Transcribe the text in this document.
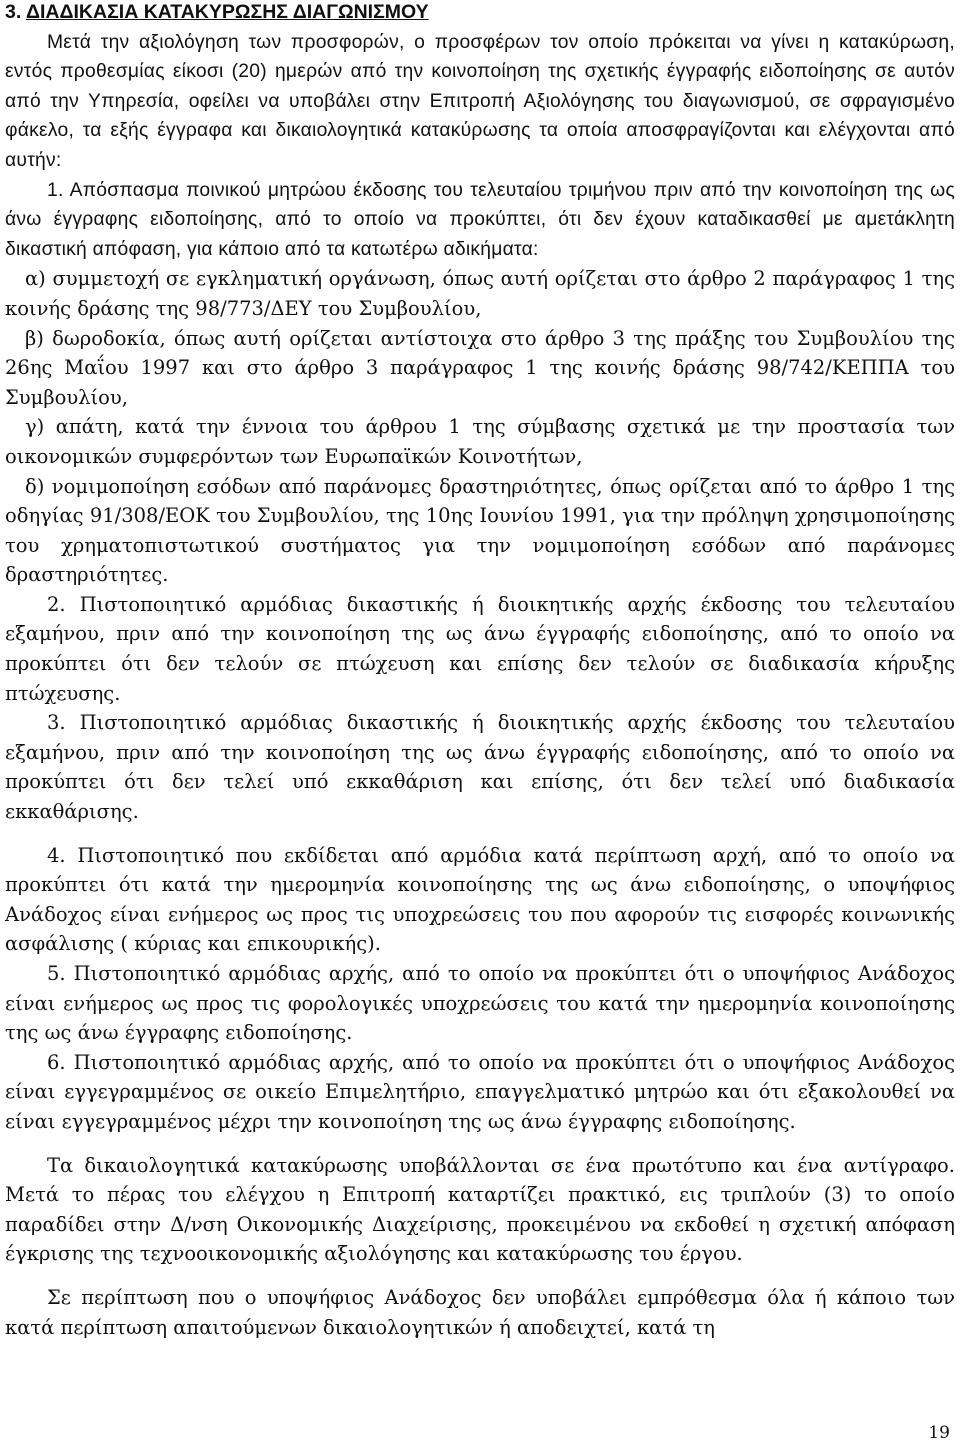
3. ΔΙΑΔΙΚΑΣΙΑ ΚΑΤΑΚΥΡΩΣΗΣ ΔΙΑΓΩΝΙΣΜΟΥ

Μετά την αξιολόγηση των προσφορών, ο προσφέρων τον οποίο πρόκειται να γίνει η κατακύρωση, εντός προθεσμίας είκοσι (20) ημερών από την κοινοποίηση της σχετικής έγγραφής ειδοποίησης σε αυτόν από την Υπηρεσία, οφείλει να υποβάλει στην Επιτροπή Αξιολόγησης του διαγωνισμού, σε σφραγισμένο φάκελο, τα εξής έγγραφα και δικαιολογητικά κατακύρωσης τα οποία αποσφραγίζονται και ελέγχονται από αυτήν:

1. Απόσπασμα ποινικού μητρώου έκδοσης του τελευταίου τριμήνου πριν από την κοινοποίηση της ως άνω έγγραφης ειδοποίησης, από το οποίο να προκύπτει, ότι δεν έχουν καταδικασθεί με αμετάκλητη δικαστική απόφαση, για κάποιο από τα κατωτέρω αδικήματα:

α) συμμετοχή σε εγκληματική οργάνωση, όπως αυτή ορίζεται στο άρθρο 2 παράγραφος 1 της κοινής δράσης της 98/773/ΔΕΥ του Συμβουλίου,

β) δωροδοκία, όπως αυτή ορίζεται αντίστοιχα στο άρθρο 3 της πράξης του Συμβουλίου της 26ης Μαΐου 1997 και στο άρθρο 3 παράγραφος 1 της κοινής δράσης 98/742/ΚΕΠΠΑ του Συμβουλίου,

γ) απάτη, κατά την έννοια του άρθρου 1 της σύμβασης σχετικά με την προστασία των οικονομικών συμφερόντων των Ευρωπαϊκών Κοινοτήτων,

δ) νομιμοποίηση εσόδων από παράνομες δραστηριότητες, όπως ορίζεται από το άρθρο 1 της οδηγίας 91/308/ΕΟΚ του Συμβουλίου, της 10ης Ιουνίου 1991, για την πρόληψη χρησιμοποίησης του χρηματοπιστωτικού συστήματος για την νομιμοποίηση εσόδων από παράνομες δραστηριότητες.

2. Πιστοποιητικό αρμόδιας δικαστικής ή διοικητικής αρχής έκδοσης του τελευταίου εξαμήνου, πριν από την κοινοποίηση της ως άνω έγγραφής ειδοποίησης, από το οποίο να προκύπτει ότι δεν τελούν σε πτώχευση και επίσης δεν τελούν σε διαδικασία κήρυξης πτώχευσης.

3. Πιστοποιητικό αρμόδιας δικαστικής ή διοικητικής αρχής έκδοσης του τελευταίου εξαμήνου, πριν από την κοινοποίηση της ως άνω έγγραφής ειδοποίησης, από το οποίο να προκύπτει ότι δεν τελεί υπό εκκαθάριση και επίσης, ότι δεν τελεί υπό διαδικασία εκκαθάρισης.

4. Πιστοποιητικό που εκδίδεται από αρμόδια κατά περίπτωση αρχή, από το οποίο να προκύπτει ότι κατά την ημερομηνία κοινοποίησης της ως άνω ειδοποίησης, ο υποψήφιος Ανάδοχος είναι ενήμερος ως προς τις υποχρεώσεις του που αφορούν τις εισφορές κοινωνικής ασφάλισης ( κύριας και επικουρικής).

5. Πιστοποιητικό αρμόδιας αρχής, από το οποίο να προκύπτει ότι ο υποψήφιος Ανάδοχος είναι ενήμερος ως προς τις φορολογικές υποχρεώσεις του κατά την ημερομηνία κοινοποίησης της ως άνω έγγραφης ειδοποίησης.

6. Πιστοποιητικό αρμόδιας αρχής, από το οποίο να προκύπτει ότι ο υποψήφιος Ανάδοχος είναι εγγεγραμμένος σε οικείο Επιμελητήριο, επαγγελματικό μητρώο και ότι εξακολουθεί να είναι εγγεγραμμένος μέχρι την κοινοποίηση της ως άνω έγγραφης ειδοποίησης.

Τα δικαιολογητικά κατακύρωσης υποβάλλονται σε ένα πρωτότυπο και ένα αντίγραφο. Μετά το πέρας του ελέγχου η Επιτροπή καταρτίζει πρακτικό, εις τριπλούν (3) το οποίο παραδίδει στην Δ/νση Οικονομικής Διαχείρισης, προκειμένου να εκδοθεί η σχετική απόφαση έγκρισης της τεχνοοικονομικής αξιολόγησης και κατακύρωσης του έργου.

Σε περίπτωση που ο υποψήφιος Ανάδοχος δεν υποβάλει εμπρόθεσμα όλα ή κάποιο των κατά περίπτωση απαιτούμενων δικαιολογητικών ή αποδειχτεί, κατά τη

19
